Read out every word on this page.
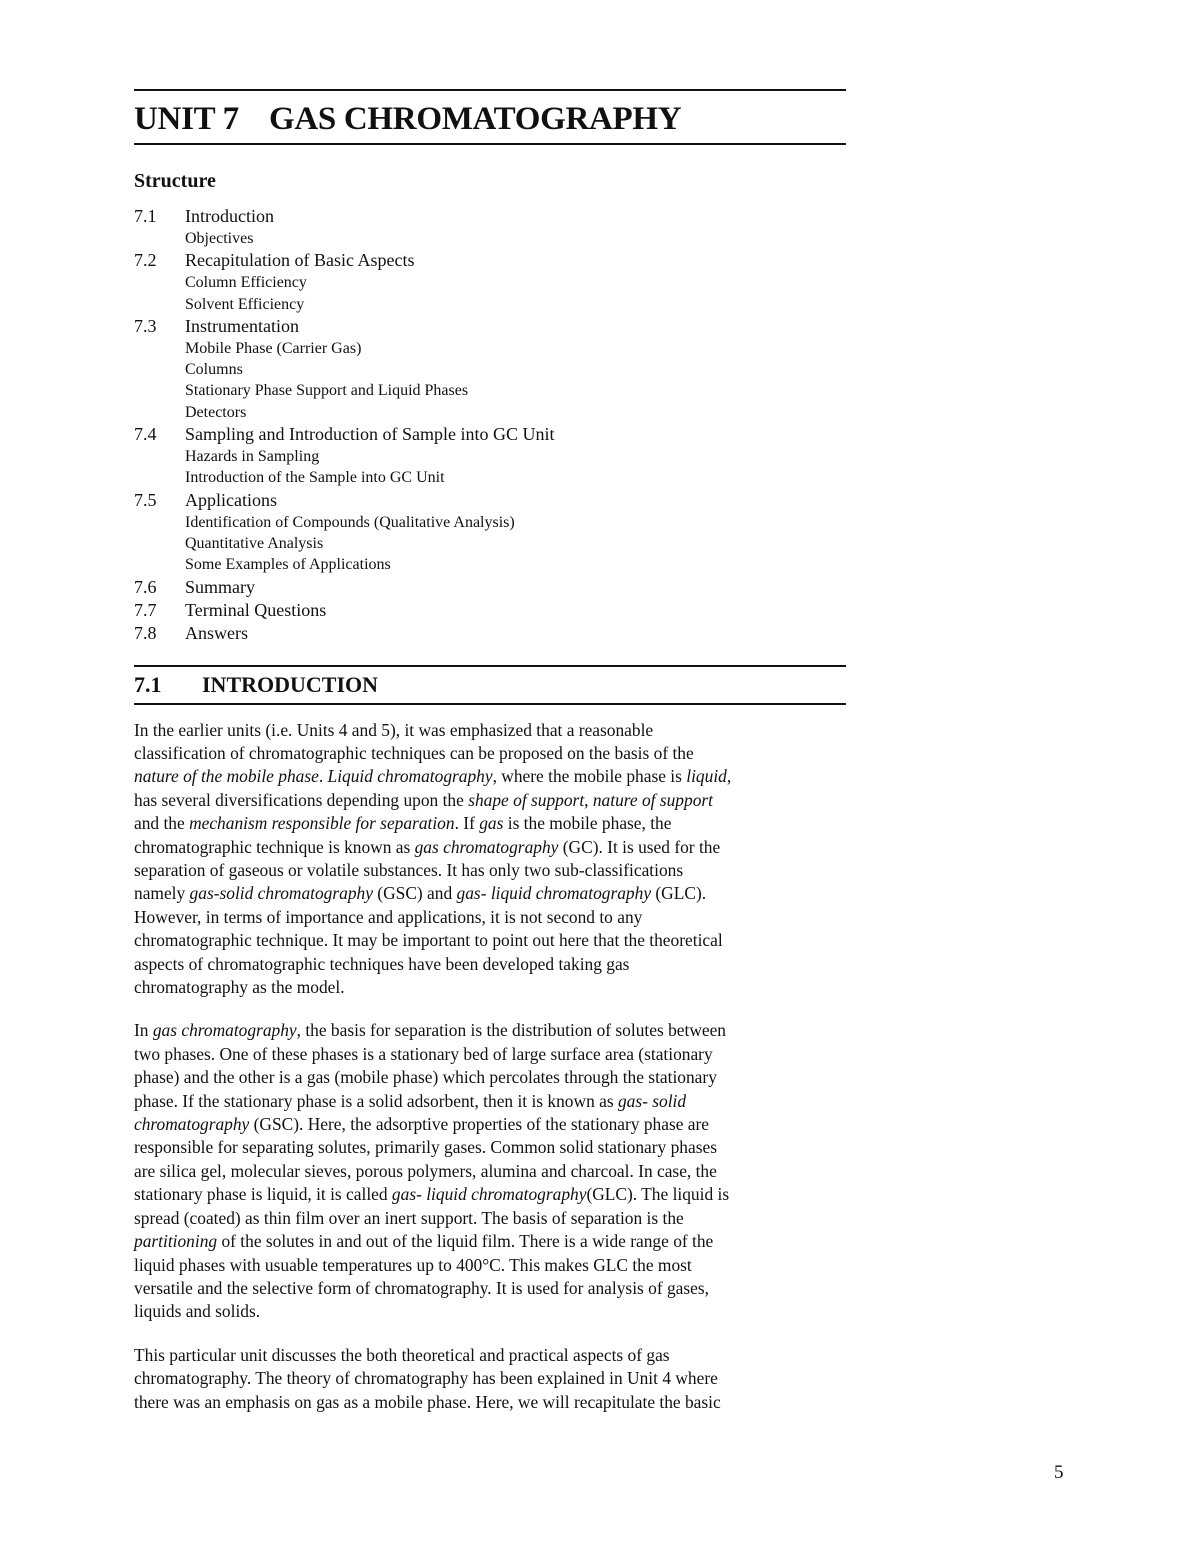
UNIT 7 GAS CHROMATOGRAPHY
Structure
7.1	Introduction
Objectives
7.2	Recapitulation of Basic Aspects
Column Efficiency
Solvent Efficiency
7.3	Instrumentation
Mobile Phase (Carrier Gas)
Columns
Stationary Phase Support and Liquid Phases
Detectors
7.4	Sampling and Introduction of Sample into GC Unit
Hazards in Sampling
Introduction of the Sample into GC Unit
7.5	Applications
Identification of Compounds (Qualitative Analysis)
Quantitative Analysis
Some Examples of Applications
7.6	Summary
7.7	Terminal Questions
7.8	Answers
7.1	INTRODUCTION
In the earlier units (i.e. Units 4 and 5), it was emphasized that a reasonable
classification of chromatographic techniques can be proposed on the basis of the
nature of the mobile phase. Liquid chromatography, where the mobile phase is liquid,
has several diversifications depending upon the shape of support, nature of support
and the mechanism responsible for separation. If gas is the mobile phase, the
chromatographic technique is known as gas chromatography (GC). It is used for the
separation of gaseous or volatile substances. It has only two sub-classifications
namely gas-solid chromatography (GSC) and gas- liquid chromatography (GLC).
However, in terms of importance and applications, it is not second to any
chromatographic technique. It may be important to point out here that the theoretical
aspects of chromatographic techniques have been developed taking gas
chromatography as the model.
In gas chromatography, the basis for separation is the distribution of solutes between
two phases. One of these phases is a stationary bed of large surface area (stationary
phase) and the other is a gas (mobile phase) which percolates through the stationary
phase. If the stationary phase is a solid adsorbent, then it is known as gas- solid
chromatography (GSC). Here, the adsorptive properties of the stationary phase are
responsible for separating solutes, primarily gases. Common solid stationary phases
are silica gel, molecular sieves, porous polymers, alumina and charcoal. In case, the
stationary phase is liquid, it is called gas- liquid chromatography(GLC). The liquid is
spread (coated) as thin film over an inert support. The basis of separation is the
partitioning of the solutes in and out of the liquid film. There is a wide range of the
liquid phases with usuable temperatures up to 400°C. This makes GLC the most
versatile and the selective form of chromatography. It is used for analysis of gases,
liquids and solids.
This particular unit discusses the both theoretical and practical aspects of gas
chromatography. The theory of chromatography has been explained in Unit 4 where
there was an emphasis on gas as a mobile phase. Here, we will recapitulate the basic
5
